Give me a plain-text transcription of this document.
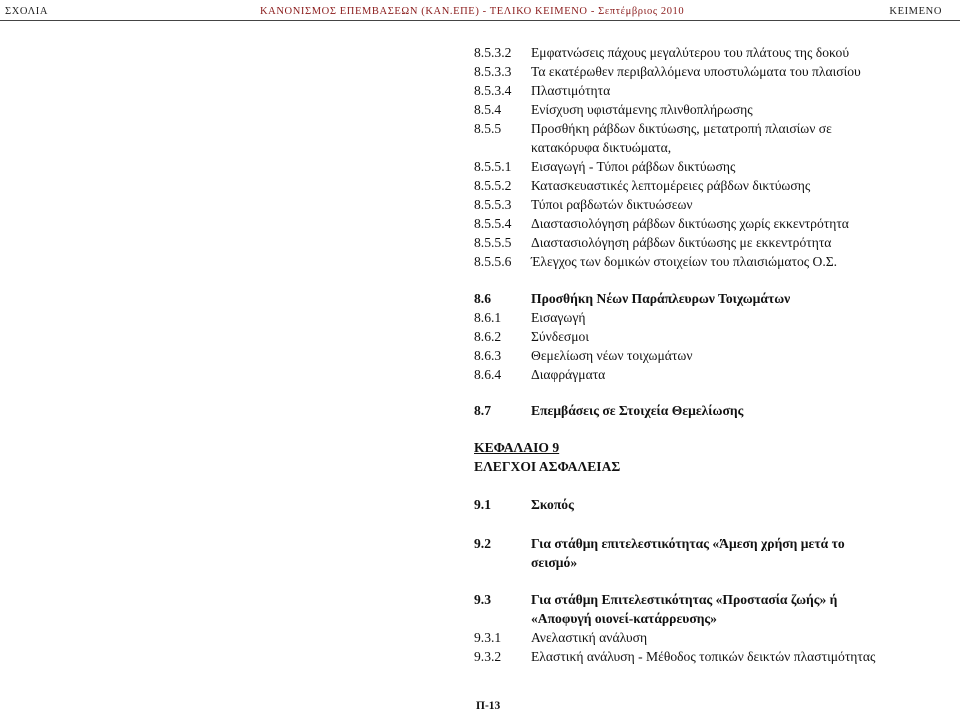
ΣΧΟΛΙΑ	ΚΑΝΟΝΙΣΜΟΣ ΕΠΕΜΒΑΣΕΩΝ (ΚΑΝ.ΕΠΕ) - ΤΕΛΙΚΟ ΚΕΙΜΕΝΟ - Σεπτέμβριος 2010	ΚΕΙΜΕΝΟ
8.5.3.2 Εμφατνώσεις πάχους μεγαλύτερου του πλάτους της δοκού
8.5.3.3 Τα εκατέρωθεν περιβαλλόμενα υποστυλώματα του πλαισίου
8.5.3.4 Πλαστιμότητα
8.5.4 Ενίσχυση υφιστάμενης πλινθοπλήρωσης
8.5.5 Προσθήκη ράβδων δικτύωσης, μετατροπή πλαισίων σε
κατακόρυφα δικτυώματα,
8.5.5.1 Εισαγωγή - Τύποι ράβδων δικτύωσης
8.5.5.2 Κατασκευαστικές λεπτομέρειες ράβδων δικτύωσης
8.5.5.3 Τύποι ραβδωτών δικτυώσεων
8.5.5.4 Διαστασιολόγηση ράβδων δικτύωσης χωρίς εκκεντρότητα
8.5.5.5 Διαστασιολόγηση ράβδων δικτύωσης με εκκεντρότητα
8.5.5.6 Έλεγχος των δομικών στοιχείων του πλαισιώματος Ο.Σ.
8.6	Προσθήκη Νέων Παράπλευρων Τοιχωμάτων
8.6.1 Εισαγωγή
8.6.2 Σύνδεσμοι
8.6.3 Θεμελίωση νέων τοιχωμάτων
8.6.4 Διαφράγματα
8.7	Επεμβάσεις σε Στοιχεία Θεμελίωσης
ΚΕΦΑΛΑΙΟ 9
ΕΛΕΓΧΟΙ ΑΣΦΑΛΕΙΑΣ
9.1	Σκοπός
9.2	Για στάθμη επιτελεστικότητας «Άμεση χρήση μετά το
σεισμό»
9.3	Για στάθμη Επιτελεστικότητας «Προστασία ζωής» ή
«Αποφυγή οιονεί-κατάρρευσης»
9.3.1 Ανελαστική ανάλυση
9.3.2 Ελαστική ανάλυση - Μέθοδος τοπικών δεικτών πλαστιμότητας
Π-13
